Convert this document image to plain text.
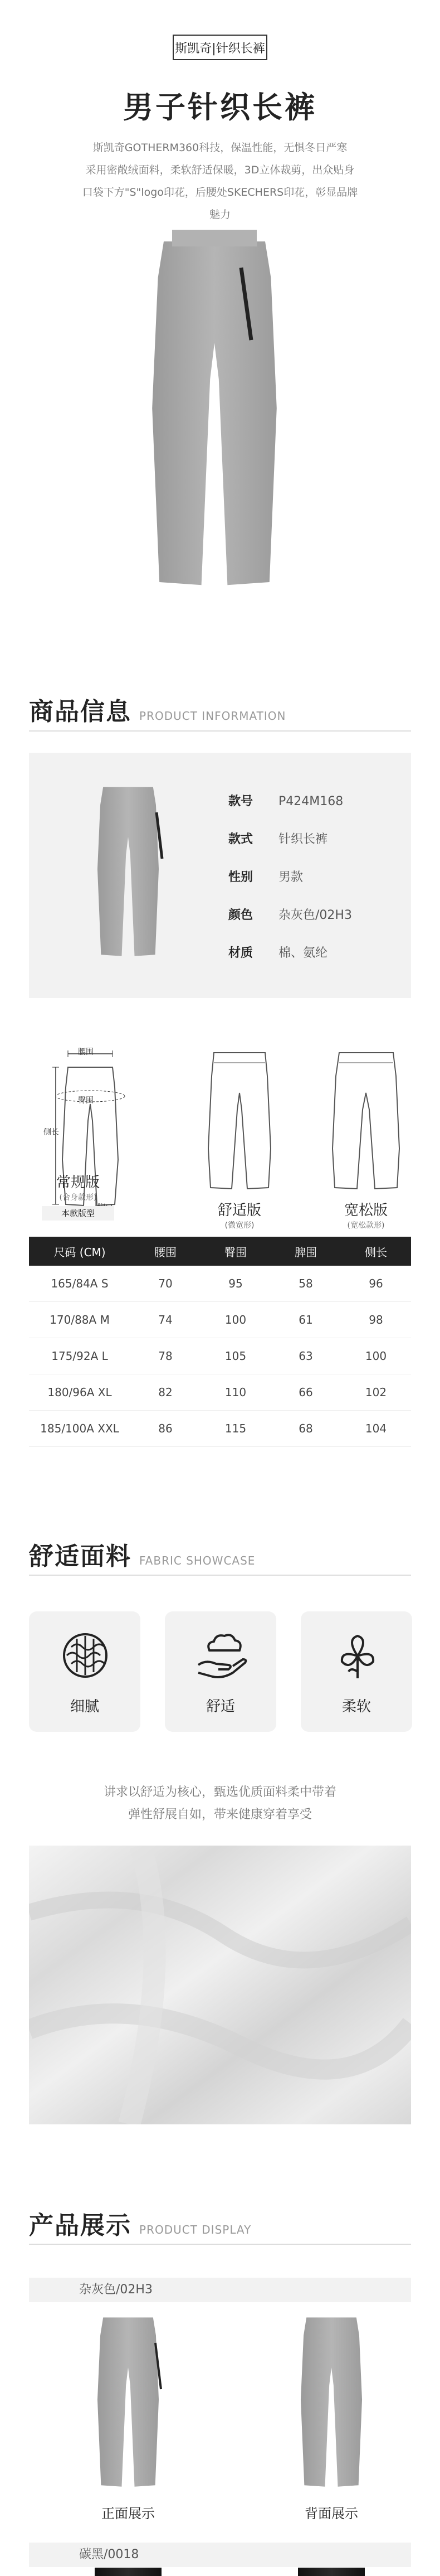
斯凯奇|针织长裤
男子针织长裤
斯凯奇GOTHERM360科技，保温性能，无惧冬日严寒
采用密敞绒面料，柔软舒适保暖，3D立体裁剪，出众贴身
口袋下方"S"logo印花，后腰处SKECHERS印花，彰显品牌魅力
商品信息 PRODUCT INFORMATION
款号 P424M168
款式 针织长裤
性别 男款
颜色 杂灰色/02H3
材质 棉、氨纶
腰围
臀围
侧长
常规版
(合身款形)
本款版型	舒适版
(微宽形)
宽松版
(宽松款形)
尺码 (CM)	腰围	臀围	脾围	侧长
165/84A S	70	95	58	96
170/88A M	74	100	61	98
175/92A L	78	105	63	100
180/96A XL	82	110	66	102
185/100A XXL	86	115	68	104
舒适面料 FABRIC SHOWCASE
细腻	舒适	柔软
讲求以舒适为核心，甄选优质面料柔中带着
弹性舒展自如，带来健康穿着享受
产品展示 PRODUCT DISPLAY
杂灰色/02H3
正面展示	背面展示
碳黑/0018
